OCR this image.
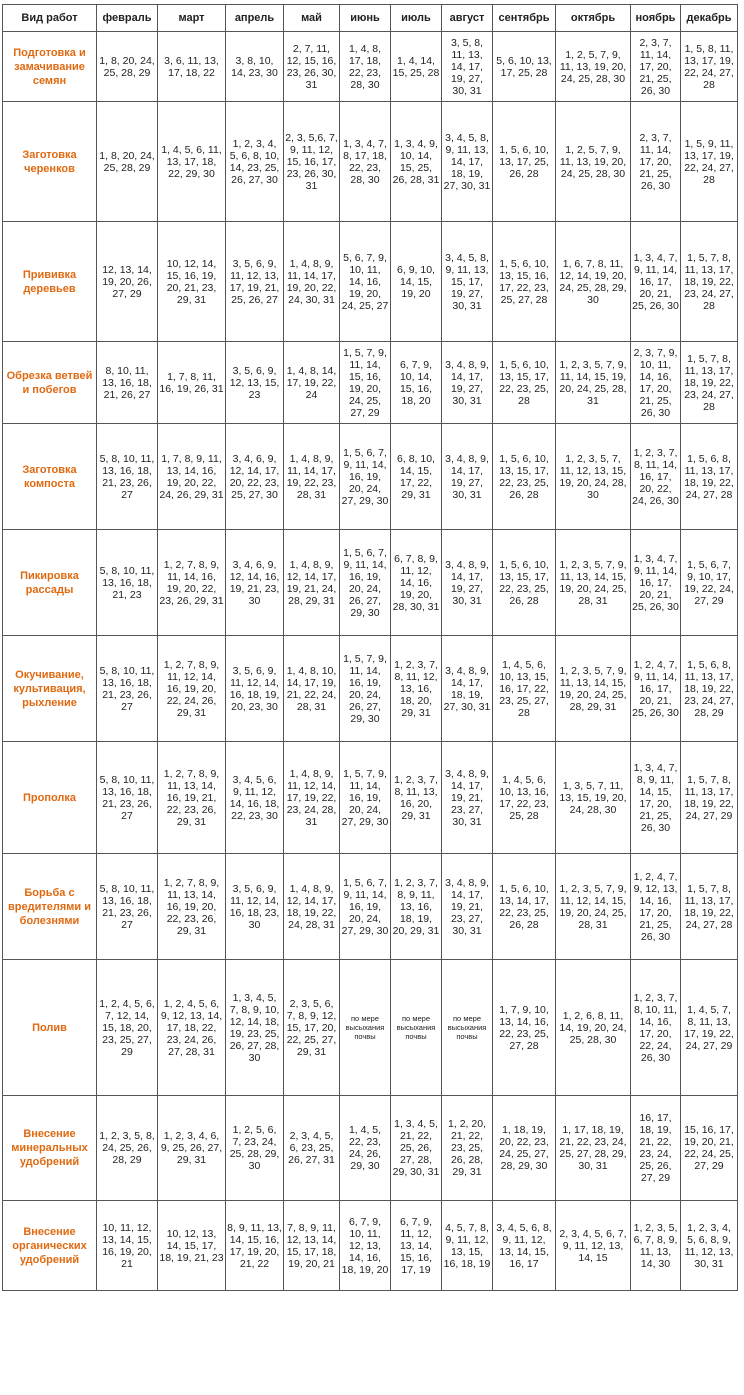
Вид работ	февраль	март	апрель	май	июнь	июль	август	сентябрь	октябрь	ноябрь	декабрь
Подготовка и замачивание семян	1, 8, 20, 24, 25, 28, 29	3, 6, 11, 13, 17, 18, 22	3, 8, 10, 14, 23, 30	2, 7, 11, 12, 15, 16, 23, 26, 30, 31	1, 4, 8, 17, 18, 22, 23, 28, 30	1, 4, 14, 15, 25, 28	3, 5, 8, 11, 13, 14, 17, 19, 27, 30, 31	5, 6, 10, 13, 17, 25, 28	1, 2, 5, 7, 9, 11, 13, 19, 20, 24, 25, 28, 30	2, 3, 7, 11, 14, 17, 20, 21, 25, 26, 30	1, 5, 8, 11, 13, 17, 19, 22, 24, 27, 28
Заготовка черенков	1, 8, 20, 24, 25, 28, 29	1, 4, 5, 6, 11, 13, 17, 18, 22, 29, 30	1, 2, 3, 4, 5, 6, 8, 10, 14, 23, 25, 26, 27, 30	2, 3, 5,6, 7, 9, 11, 12, 15, 16, 17, 23, 26, 30, 31	1, 3, 4, 7, 8, 17, 18, 22, 23, 28, 30	1, 3, 4, 9, 10, 14, 15, 25, 26, 28, 31	3, 4, 5, 8, 9, 11, 13, 14, 17, 18, 19, 27, 30, 31	1, 5, 6, 10, 13, 17, 25, 26, 28	1, 2, 5, 7, 9, 11, 13, 19, 20, 24, 25, 28, 30	2, 3, 7, 11, 14, 17, 20, 21, 25, 26, 30	1, 5, 9, 11, 13, 17, 19, 22, 24, 27, 28
Прививка деревьев	12, 13, 14, 19, 20, 26, 27, 29	10, 12, 14, 15, 16, 19, 20, 21, 23, 29, 31	3, 5, 6, 9, 11, 12, 13, 17, 19, 21, 25, 26, 27	1, 4, 8, 9, 11, 14, 17, 19, 20, 22, 24, 30, 31	5, 6, 7, 9, 10, 11, 14, 16, 19, 20, 24, 25, 27	6, 9, 10, 14, 15, 19, 20	3, 4, 5, 8, 9, 11, 13, 15, 17, 19, 27, 30, 31	1, 5, 6, 10, 13, 15, 16, 17, 22, 23, 25, 27, 28	1, 6, 7, 8, 11, 12, 14, 19, 20, 24, 25, 28, 29, 30	1, 3, 4, 7, 9, 11, 14, 16, 17, 20, 21, 25, 26, 30	1, 5, 7, 8, 11, 13, 17, 18, 19, 22, 23, 24, 27, 28
Обрезка ветвей и побегов	8, 10, 11, 13, 16, 18, 21, 26, 27	1, 7, 8, 11, 16, 19, 26, 31	3, 5, 6, 9, 12, 13, 15, 23	1, 4, 8, 14, 17, 19, 22, 24	1, 5, 7, 9, 11, 14, 15, 16, 19, 20, 24, 25, 27, 29	6, 7, 9, 10, 14, 15, 16, 18, 20	3, 4, 8, 9, 14, 17, 19, 27, 30, 31	1, 5, 6, 10, 13, 15, 17, 22, 23, 25, 28	1, 2, 3, 5, 7, 9, 11, 14, 15, 19, 20, 24, 25, 28, 31	2, 3, 7, 9, 10, 11, 14, 16, 17, 20, 21, 25, 26, 30	1, 5, 7, 8, 11, 13, 17, 18, 19, 22, 23, 24, 27, 28
Заготовка компоста	5, 8, 10, 11, 13, 16, 18, 21, 23, 26, 27	1, 7, 8, 9, 11, 13, 14, 16, 19, 20, 22, 24, 26, 29, 31	3, 4, 6, 9, 12, 14, 17, 20, 22, 23, 25, 27, 30	1, 4, 8, 9, 11, 14, 17, 19, 22, 23, 28, 31	1, 5, 6, 7, 9, 11, 14, 16, 19, 20, 24, 27, 29, 30	6, 8, 10, 14, 15, 17, 22, 29, 31	3, 4, 8, 9, 14, 17, 19, 27, 30, 31	1, 5, 6, 10, 13, 15, 17, 22, 23, 25, 26, 28	1, 2, 3, 5, 7, 11, 12, 13, 15, 19, 20, 24, 28, 30	1, 2, 3, 7, 8, 11, 14, 16, 17, 20, 22, 24, 26, 30	1, 5, 6, 8, 11, 13, 17, 18, 19, 22, 24, 27, 28
Пикировка рассады	5, 8, 10, 11, 13, 16, 18, 21, 23	1, 2, 7, 8, 9, 11, 14, 16, 19, 20, 22, 23, 26, 29, 31	3, 4, 6, 9, 12, 14, 16, 19, 21, 23, 30	1, 4, 8, 9, 12, 14, 17, 19, 21, 24, 28, 29, 31	1, 5, 6, 7, 9, 11, 14, 16, 19, 20, 24, 26, 27, 29, 30	6, 7, 8, 9, 11, 12, 14, 16, 19, 20, 28, 30, 31	3, 4, 8, 9, 14, 17, 19, 27, 30, 31	1, 5, 6, 10, 13, 15, 17, 22, 23, 25, 26, 28	1, 2, 3, 5, 7, 9, 11, 13, 14, 15, 19, 20, 24, 25, 28, 31	1, 3, 4, 7, 9, 11, 14, 16, 17, 20, 21, 25, 26, 30	1, 5, 6, 7, 9, 10, 17, 19, 22, 24, 27, 29
Окучивание, культивация, рыхление	5, 8, 10, 11, 13, 16, 18, 21, 23, 26, 27	1, 2, 7, 8, 9, 11, 12, 14, 16, 19, 20, 22, 24, 26, 29, 31	3, 5, 6, 9, 11, 12, 14, 16, 18, 19, 20, 23, 30	1, 4, 8, 10, 14, 17, 19, 21, 22, 24, 28, 31	1, 5, 7, 9, 11, 14, 16, 19, 20, 24, 26, 27, 29, 30	1, 2, 3, 7, 8, 11, 12, 13, 16, 18, 20, 29, 31	3, 4, 8, 9, 14, 17, 18, 19, 27, 30, 31	1, 4, 5, 6, 10, 13, 15, 16, 17, 22, 23, 25, 27, 28	1, 2, 3, 5, 7, 9, 11, 13, 14, 15, 19, 20, 24, 25, 28, 29, 31	1, 2, 4, 7, 9, 11, 14, 16, 17, 20, 21, 25, 26, 30	1, 5, 6, 8, 11, 13, 17, 18, 19, 22, 23, 24, 27, 28, 29
Прополка	5, 8, 10, 11, 13, 16, 18, 21, 23, 26, 27	1, 2, 7, 8, 9, 11, 13, 14, 16, 19, 21, 22, 23, 26, 29, 31	3, 4, 5, 6, 9, 11, 12, 14, 16, 18, 22, 23, 30	1, 4, 8, 9, 11, 12, 14, 17, 19, 22, 23, 24, 28, 31	1, 5, 7, 9, 11, 14, 16, 19, 20, 24, 27, 29, 30	1, 2, 3, 7, 8, 11, 13, 16, 20, 29, 31	3, 4, 8, 9, 14, 17, 19, 21, 23, 27, 30, 31	1, 4, 5, 6, 10, 13, 16, 17, 22, 23, 25, 28	1, 3, 5, 7, 11, 13, 15, 19, 20, 24, 28, 30	1, 3, 4, 7, 8, 9, 11, 14, 15, 17, 20, 21, 25, 26, 30	1, 5, 7, 8, 11, 13, 17, 18, 19, 22, 24, 27, 29
Борьба с вредителями и болезнями	5, 8, 10, 11, 13, 16, 18, 21, 23, 26, 27	1, 2, 7, 8, 9, 11, 13, 14, 16, 19, 20, 22, 23, 26, 29, 31	3, 5, 6, 9, 11, 12, 14, 16, 18, 23, 30	1, 4, 8, 9, 12, 14, 17, 18, 19, 22, 24, 28, 31	1, 5, 6, 7, 9, 11, 14, 16, 19, 20, 24, 27, 29, 30	1, 2, 3, 7, 8, 9, 11, 13, 16, 18, 19, 20, 29, 31	3, 4, 8, 9, 14, 17, 19, 21, 23, 27, 30, 31	1, 5, 6, 10, 13, 14, 17, 22, 23, 25, 26, 28	1, 2, 3, 5, 7, 9, 11, 12, 14, 15, 19, 20, 24, 25, 28, 31	1, 2, 4, 7, 9, 12, 13, 14, 16, 17, 20, 21, 25, 26, 30	1, 5, 7, 8, 11, 13, 17, 18, 19, 22, 24, 27, 28
Полив	1, 2, 4, 5, 6, 7, 12, 14, 15, 18, 20, 23, 25, 27, 29	1, 2, 4, 5, 6, 9, 12, 13, 14, 17, 18, 22, 23, 24, 26, 27, 28, 31	1, 3, 4, 5, 7, 8, 9, 10, 12, 14, 18, 19, 23, 25, 26, 27, 28, 30	2, 3, 5, 6, 7, 8, 9, 12, 15, 17, 20, 22, 25, 27, 29, 31	по мере высыхания почвы	по мере высыхания почвы	по мере высыхания почвы	1, 7, 9, 10, 13, 14, 16, 22, 23, 25, 27, 28	1, 2, 6, 8, 11, 14, 19, 20, 24, 25, 28, 30	1, 2, 3, 7, 8, 10, 11, 14, 16, 17, 20, 22, 24, 26, 30	1, 4, 5, 7, 8, 11, 13, 17, 19, 22, 24, 27, 29
Внесение минеральных удобрений	1, 2, 3, 5, 8, 24, 25, 26, 28, 29	1, 2, 3, 4, 6, 9, 25, 26, 27, 29, 31	1, 2, 5, 6, 7, 23, 24, 25, 28, 29, 30	2, 3, 4, 5, 6, 23, 25, 26, 27, 31	1, 4, 5, 22, 23, 24, 26, 29, 30	1, 3, 4, 5, 21, 22, 25, 26, 27, 28, 29, 30, 31	1, 2, 20, 21, 22, 23, 25, 26, 28, 29, 31	1, 18, 19, 20, 22, 23, 24, 25, 27, 28, 29, 30	1, 17, 18, 19, 21, 22, 23, 24, 25, 27, 28, 29, 30, 31	16, 17, 18, 19, 21, 22, 23, 24, 25, 26, 27, 29	15, 16, 17, 19, 20, 21, 22, 24, 25, 27, 29
Внесение органических удобрений	10, 11, 12, 13, 14, 15, 16, 19, 20, 21	10, 12, 13, 14, 15, 17, 18, 19, 21, 23	8, 9, 11, 13, 14, 15, 16, 17, 19, 20, 21, 22	7, 8, 9, 11, 12, 13, 14, 15, 17, 18, 19, 20, 21	6, 7, 9, 10, 11, 12, 13, 14, 16, 18, 19, 20	6, 7, 9, 11, 12, 13, 14, 15, 16, 17, 19	4, 5, 7, 8, 9, 11, 12, 13, 15, 16, 18, 19	3, 4, 5, 6, 8, 9, 11, 12, 13, 14, 15, 16, 17	2, 3, 4, 5, 6, 7, 9, 11, 12, 13, 14, 15	1, 2, 3, 5, 6, 7, 8, 9, 11, 13, 14, 30	1, 2, 3, 4, 5, 6, 8, 9, 11, 12, 13, 30, 31
